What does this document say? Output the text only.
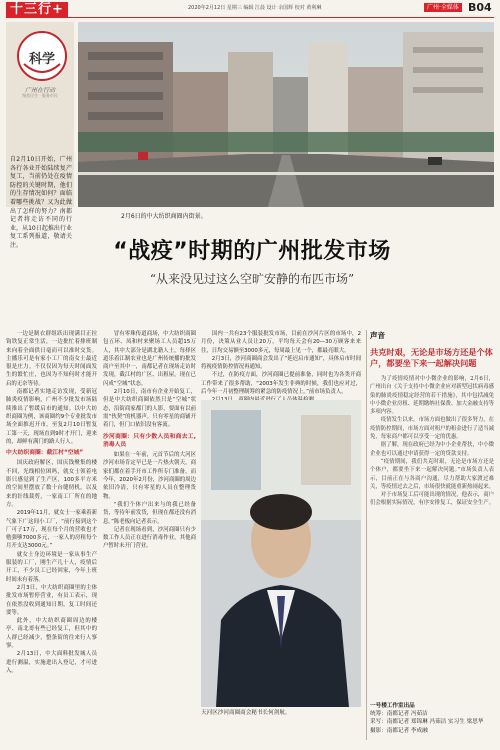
十三行+	2020年2月12日 星期三 编辑 江晨 设计 余国辉 校对 黄利琳	广州·全媒体 B04
科学
广州在行动
聚焦民生 · 服务市民
自2月10日开始，广州各行各业开始陆续复产复工，当前仍处在疫情防控的关键时期，他们的生存情况如何？面临着哪些挑战？又为此做出了怎样的努力？南都记者将走访不同的行业，从10日起推出行业复工系列报道，敬请关注。
2月6日的中大纺织商圈内街景。
“战疫”时期的广州批发市场
“从来没见过这么空旷安静的布匹市场”

一边是制衣群组跃出现满目正拉钩铁复正常生活，一边批忙着排班制来向着全面供日毫而可以准时交货。主播乐可是有家小工厂的南女士最近很是庄力。不仅仅因为每天时闻面发生的繁忙庄，也因为不知何时才能开启的无奈等待。

南都记者实地走访发现，受新冠肺炎疫情影响，广州不少批发市场陆续推出了暂缓启市的通知。以中大纺织商圈为例，该商圈约9个专业批发市场全面推迟开市，至复2月10日暂复工第一天，现场直到9时才开门，迎来的，却鲜有满门的路人行人。

中大纺织商圈：截江村“空城”

国庆政府解区，国庆钱聚集的楼不回，光线相位困吗，就女士领着电影只感觉到了生产区，100多平方米的空间里摆放了数十台缝纫机，以及来的针线裁剪，一家南工厂所在的地方。

2019年11月，就女士一家乘着新气象下广这间小工厂，“前行接到这个厂可子17万，现在每个月的营收也才勉强够7000多元，一家人的房租每个月开支达3000元。”

就女士身边环境是一家从事生产服装的工厂，刚生产几十人，疫情后开工，不少员工已经回家，今年上班时间未有着落。

2月3日，中大纺织商圈里的主体批发市场暂停营业，有员工表示，现在依然没收到通知日期，复工时间还要等。

此外，中大纺织商圈周边的楼亭、南北哥有些已经复工，但其中的人群已经减少，整条街的往来行人寥寥。

2月13日，中大面料批发城人员进行测温，实施进出入登记，才可进入。

冒有零珠传道商场，中大纺织商圈包五环、凤和村来聚场工人员超15万人，其中大部分是湖北籍人士，每择区道乐着江制农业也是广州传统播的批发商户至其中一，南都记者在现场走访时发现，截江村的广区、出租屋，现在已闪成“空城”状态。

2月10日，南市有企业开始复工，但是中大纺织商圈依然只是“空城”状态，沿街商家都门的人影，要面有以前需“伙契”的机器声。只有零星的商铺开着门，但门口依旧没有客流。

沙河商圈：只有少数人员和商去工,消毒人员

如果在一年前，元首节后的大河区沙河市场肯定早已是一片热火朝天，商家们都在着手开市工作所专门准备，而今年，2020年2月份，沙河商圈的周边依旧冷清，只有零星的人员在整理货物。

“我们个体户出来与的我已经备货，等待年前发货，但现在都还没有消息。”陈老板向记者表示。

记者在现场看到，沙河商圈只有少数工作人员正在进行消毒作业，其他商户暂时未开门营业。

国内一共有23个服装批发市场，目前在沙河片区的市场中，2月份，决策从业人员让20万，平均每天会有20—30万顾客来来往，日均交易额至3000多元，每周最上见一个，都最亮眼大。

2月3日，沙河商圈商会发出了“延迟启市通知”，具体启市时间将视疫情防控情况再通知。

不过，在防疫方面，沙河商圈已提前准备，同时也为各类开商工作带来了很多帮助，“2003年发生非典的时候，我们也应对过，后今年一月初整理制筹的紧急的防疫情况上。”前市场负责人。

天河区沙河商圈商会秘书长何剑航。
声音
共克时艰，无论是市场方还是个体户，都要坐下来一起解决问题

为了疫情疫情对中小微企业的影响，2月6日，广州出台《关于支持中小微企业应对新型冠状病毒感染的肺炎疫情稳定经营的若干措施》，其中包括减免中小微企业房租、延期缴纳社保费、加大金融支持等多项内容。

疫情发生以来，市场方面也做出了很多努力，在疫情防控期间，市场方面对租户的租金进行了适当减免，每家商户都可以享受一定的优惠。

据了解，现在政府已经为中小企业帮扶，中小微企业也可以通过申请获得一定的贷款支持。

“疫情期间，我们共克时艰，无论是市场方还是个体户，都要坐下来一起解决问题。”市场负责人表示，目前正在与各商户沟通，尽力帮助大家渡过难关，等疫情过去之后，市场很快就能重新热闹起来。

对于市场复工后可能出现的情况，他表示，商户们会根据实际情况，有序安排复工，保证安全生产。

一号楼工作室出品
统筹：南都记者 冯茹洁
采写：南都记者 郑锦琳 冯茹洁 实习生 梁思华
摄影：南都记者 李成融
